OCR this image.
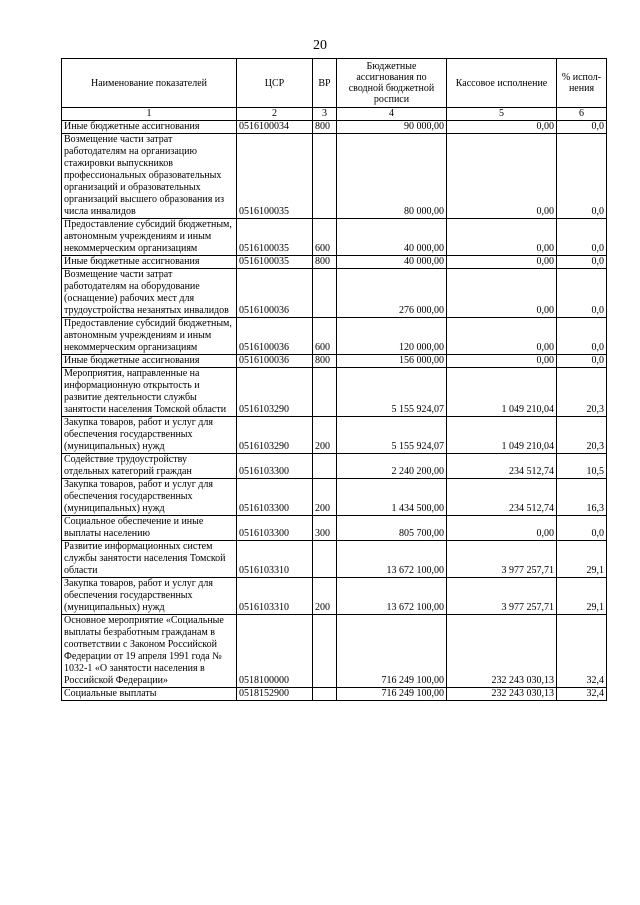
20
Наименование показателей	ЦСР	ВР	Бюджетные ассигнования по сводной бюджетной росписи	Кассовое исполнение	% испол-нения
1	2	3	4	5	6
Иные бюджетные ассигнования	0516100034	800	90 000,00	0,00	0,0
Возмещение части затрат работодателям на организацию стажировки выпускников профессиональных образовательных организаций и образовательных организаций высшего образования из числа инвалидов	0516100035		80 000,00	0,00	0,0
Предоставление субсидий бюджетным, автономным учреждениям и иным некоммерческим организациям	0516100035	600	40 000,00	0,00	0,0
Иные бюджетные ассигнования	0516100035	800	40 000,00	0,00	0,0
Возмещение части затрат работодателям на оборудование (оснащение) рабочих мест для трудоустройства незанятых инвалидов	0516100036		276 000,00	0,00	0,0
Предоставление субсидий бюджетным, автономным учреждениям и иным некоммерческим организациям	0516100036	600	120 000,00	0,00	0,0
Иные бюджетные ассигнования	0516100036	800	156 000,00	0,00	0,0
Мероприятия, направленные на информационную открытость и развитие деятельности службы занятости населения Томской области	0516103290		5 155 924,07	1 049 210,04	20,3
Закупка товаров, работ и услуг для обеспечения государственных (муниципальных) нужд	0516103290	200	5 155 924,07	1 049 210,04	20,3
Содействие трудоустройству отдельных категорий граждан	0516103300		2 240 200,00	234 512,74	10,5
Закупка товаров, работ и услуг для обеспечения государственных (муниципальных) нужд	0516103300	200	1 434 500,00	234 512,74	16,3
Социальное обеспечение и иные выплаты населению	0516103300	300	805 700,00	0,00	0,0
Развитие информационных систем службы занятости населения Томской области	0516103310		13 672 100,00	3 977 257,71	29,1
Закупка товаров, работ и услуг для обеспечения государственных (муниципальных) нужд	0516103310	200	13 672 100,00	3 977 257,71	29,1
Основное мероприятие «Социальные выплаты безработным гражданам в соответствии с Законом Российской Федерации от 19 апреля 1991 года № 1032-1 «О занятости населения в Российской Федерации»	0518100000		716 249 100,00	232 243 030,13	32,4
Социальные выплаты	0518152900		716 249 100,00	232 243 030,13	32,4
